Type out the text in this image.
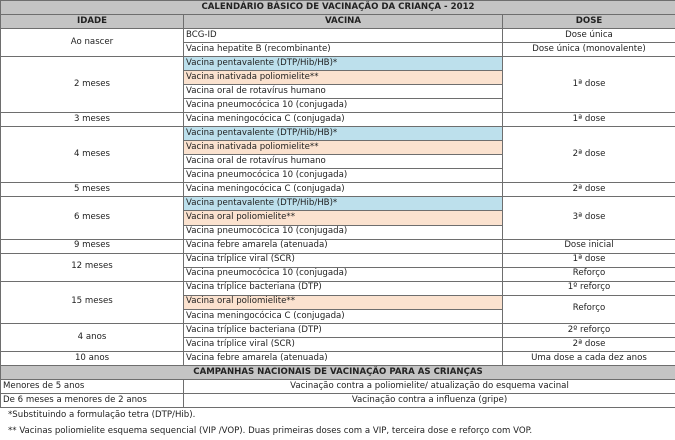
CALENDÁRIO BÁSICO DE VACINAÇÃO DA CRIANÇA - 2012		
IDADE	VACINA	DOSE
Ao nascer	BCG-ID	Dose única
	Vacina hepatite B (recombinante)	Dose única (monovalente)
2 meses	Vacina pentavalente (DTP/Hib/HB)*	1ª dose
	Vacina inativada poliomielite**	
	Vacina oral de rotavírus humano	
	Vacina pneumocócica 10 (conjugada)	
3 meses	Vacina meningocócica C (conjugada)	1ª dose
4 meses	Vacina pentavalente (DTP/Hib/HB)*	2ª dose
	Vacina inativada poliomielite**	
	Vacina oral de rotavírus humano	
	Vacina pneumocócica 10 (conjugada)	
5 meses	Vacina meningocócica C (conjugada)	2ª dose
6 meses	Vacina pentavalente (DTP/Hib/HB)*	3ª dose
	Vacina oral poliomielite**	
	Vacina pneumocócica 10 (conjugada)	
9 meses	Vacina febre amarela (atenuada)	Dose inicial
12 meses	Vacina tríplice viral (SCR)	1ª dose
	Vacina pneumocócica 10 (conjugada)	Reforço
15 meses	Vacina tríplice bacteriana (DTP)	1º reforço
	Vacina oral poliomielite**	Reforço
	Vacina meningocócica C (conjugada)	
4 anos	Vacina tríplice bacteriana (DTP)	2º reforço
	Vacina tríplice viral (SCR)	2ª dose
10 anos	Vacina febre amarela (atenuada)	Uma dose a cada dez anos
CAMPANHAS NACIONAIS DE VACINAÇÃO PARA AS CRIANÇAS		
Menores de 5 anos	Vacinação contra a poliomielite/ atualização do esquema vacinal	
De 6 meses a menores de 2 anos	Vacinação contra a influenza (gripe)	
*Substituindo a formulação tetra (DTP/Hib).
** Vacinas poliomielite esquema sequencial (VIP /VOP). Duas primeiras doses com a VIP, terceira dose e reforço com VOP.
